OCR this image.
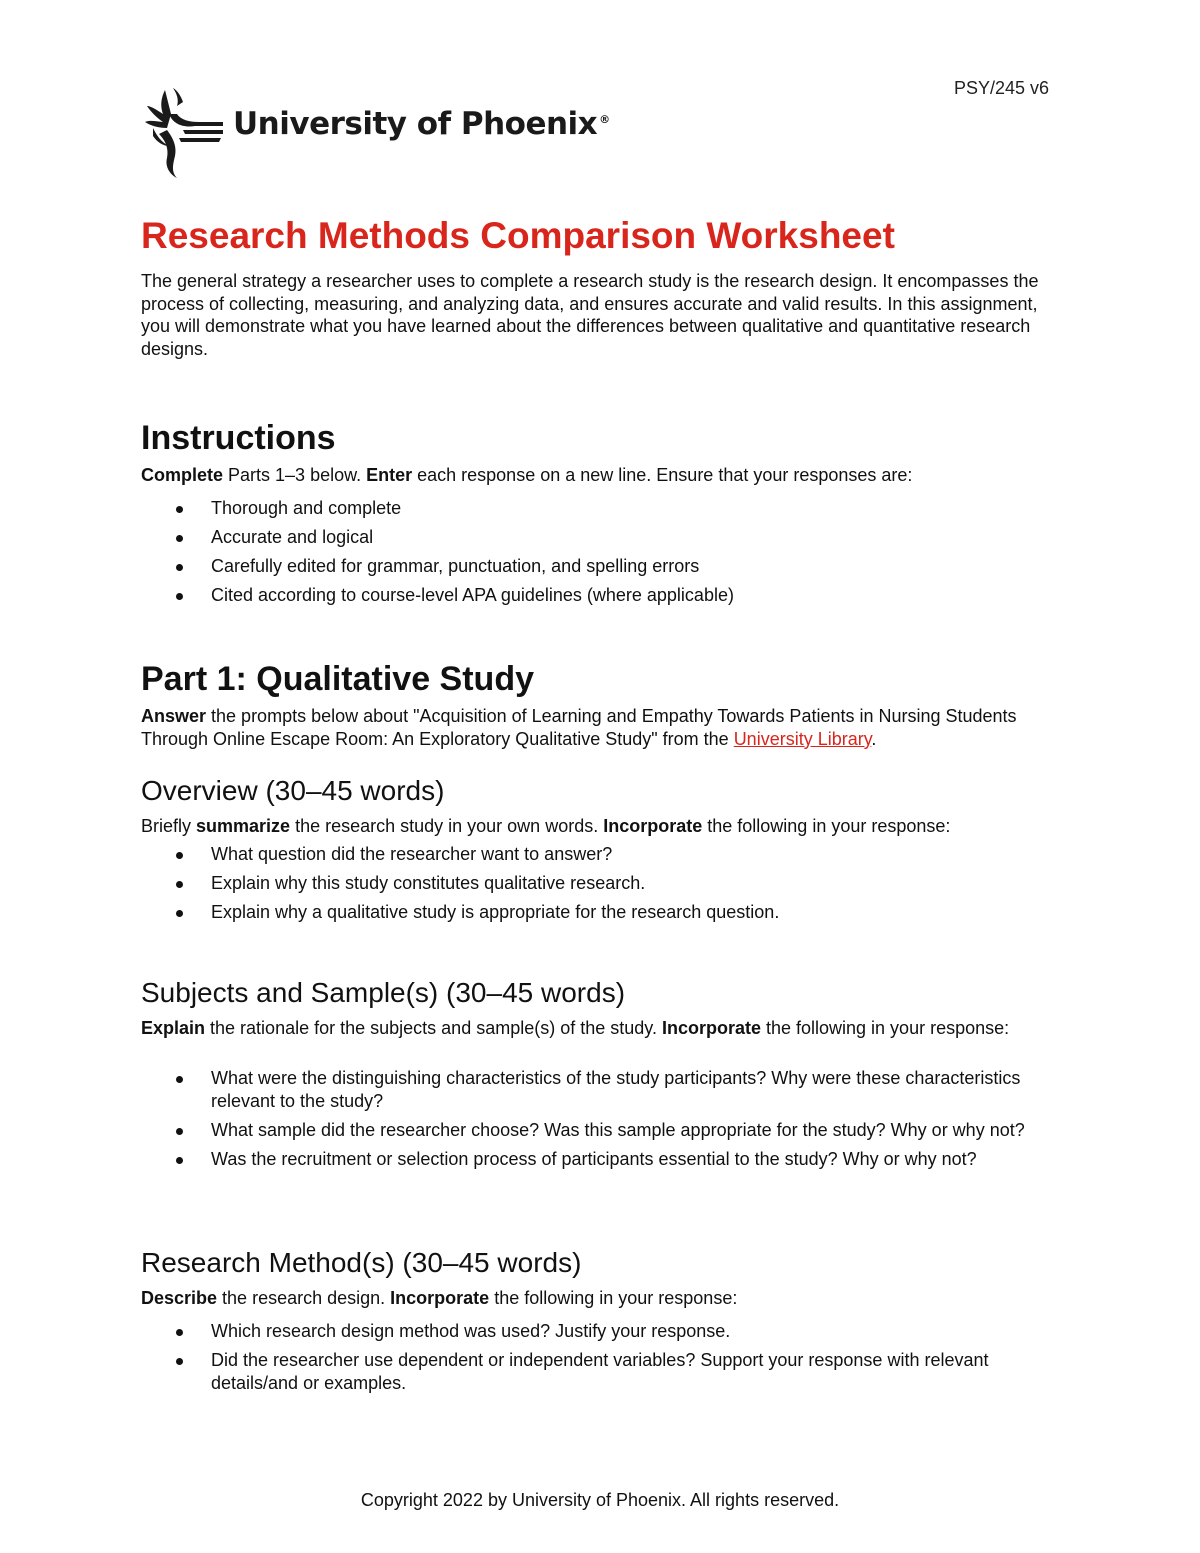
PSY/245 v6
University of Phoenix ®
Research Methods Comparison Worksheet

The general strategy a researcher uses to complete a research study is the research design. It encompasses the process of collecting, measuring, and analyzing data, and ensures accurate and valid results. In this assignment, you will demonstrate what you have learned about the differences between qualitative and quantitative research designs.

Instructions

Complete Parts 1–3 below. Enter each response on a new line. Ensure that your responses are:

Thorough and complete
Accurate and logical
Carefully edited for grammar, punctuation, and spelling errors
Cited according to course-level APA guidelines (where applicable)
Part 1: Qualitative Study

Answer the prompts below about "Acquisition of Learning and Empathy Towards Patients in Nursing Students Through Online Escape Room: An Exploratory Qualitative Study" from the University Library.

Overview (30–45 words)

Briefly summarize the research study in your own words. Incorporate the following in your response:

What question did the researcher want to answer?
Explain why this study constitutes qualitative research.
Explain why a qualitative study is appropriate for the research question.
Subjects and Sample(s) (30–45 words)

Explain the rationale for the subjects and sample(s) of the study. Incorporate the following in your response:

What were the distinguishing characteristics of the study participants? Why were these characteristics relevant to the study?
What sample did the researcher choose? Was this sample appropriate for the study? Why or why not?
Was the recruitment or selection process of participants essential to the study? Why or why not?
Research Method(s) (30–45 words)

Describe the research design. Incorporate the following in your response:

Which research design method was used? Justify your response.
Did the researcher use dependent or independent variables? Support your response with relevant details/and or examples.
Copyright 2022 by University of Phoenix. All rights reserved.
